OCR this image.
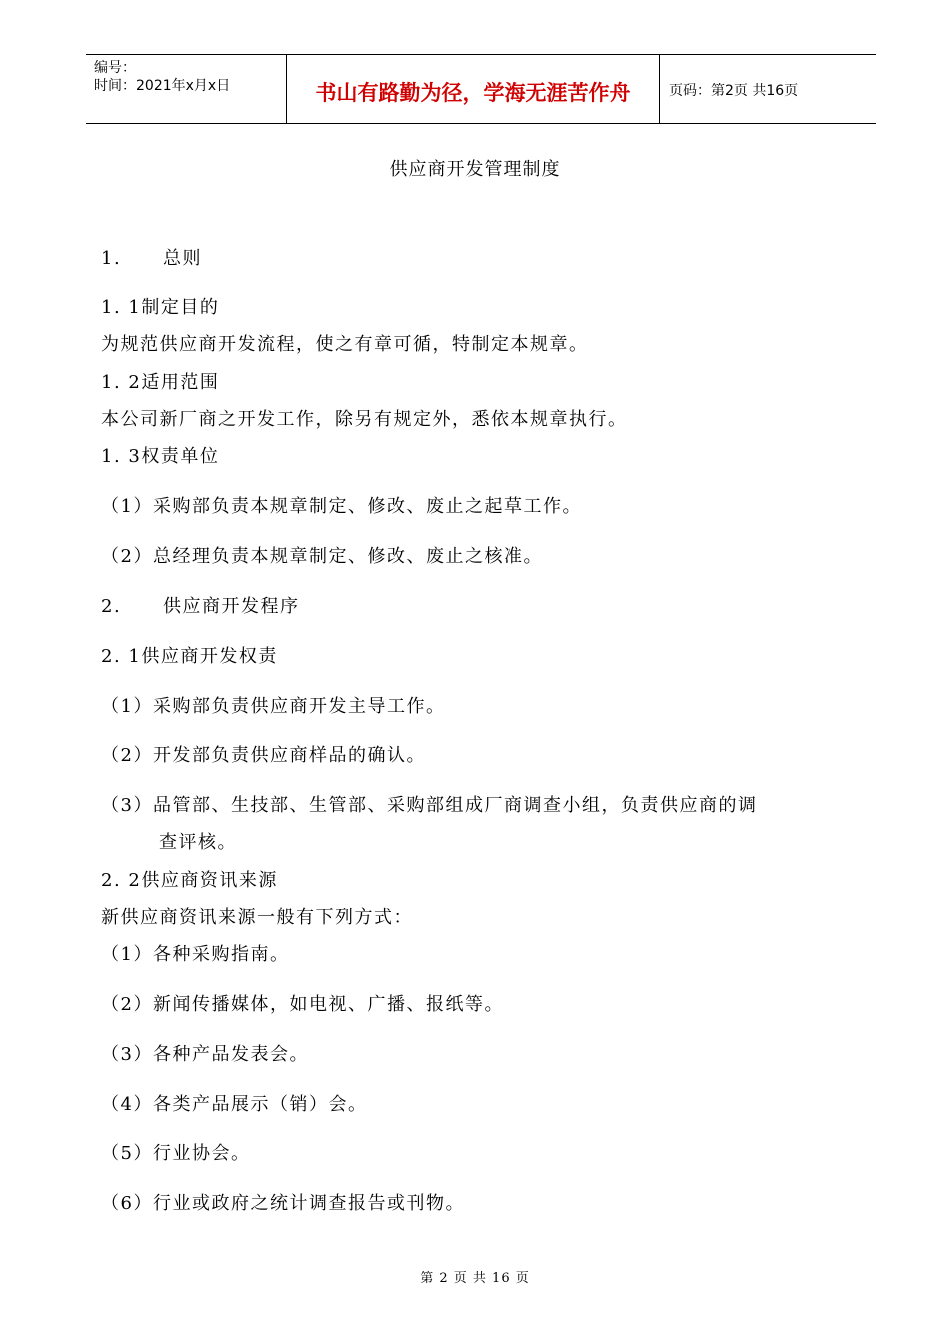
编号：
时间：2021年x月x日	书山有路勤为径，学海无涯苦作舟	页码：第2页 共16页
供应商开发管理制度
1. 总则
1. 1制定目的
为规范供应商开发流程，使之有章可循，特制定本规章。
1. 2适用范围
本公司新厂商之开发工作，除另有规定外，悉依本规章执行。
1. 3权责单位
（1）采购部负责本规章制定、修改、废止之起草工作。
（2）总经理负责本规章制定、修改、废止之核准。
2. 供应商开发程序
2. 1供应商开发权责
（1）采购部负责供应商开发主导工作。
（2）开发部负责供应商样品的确认。
（3）品管部、生技部、生管部、采购部组成厂商调查小组，负责供应商的调
查评核。
2. 2供应商资讯来源
新供应商资讯来源一般有下列方式：
（1）各种采购指南。
（2）新闻传播媒体，如电视、广播、报纸等。
（3）各种产品发表会。
（4）各类产品展示（销）会。
（5）行业协会。
（6）行业或政府之统计调查报告或刊物。
第 2 页 共 16 页
